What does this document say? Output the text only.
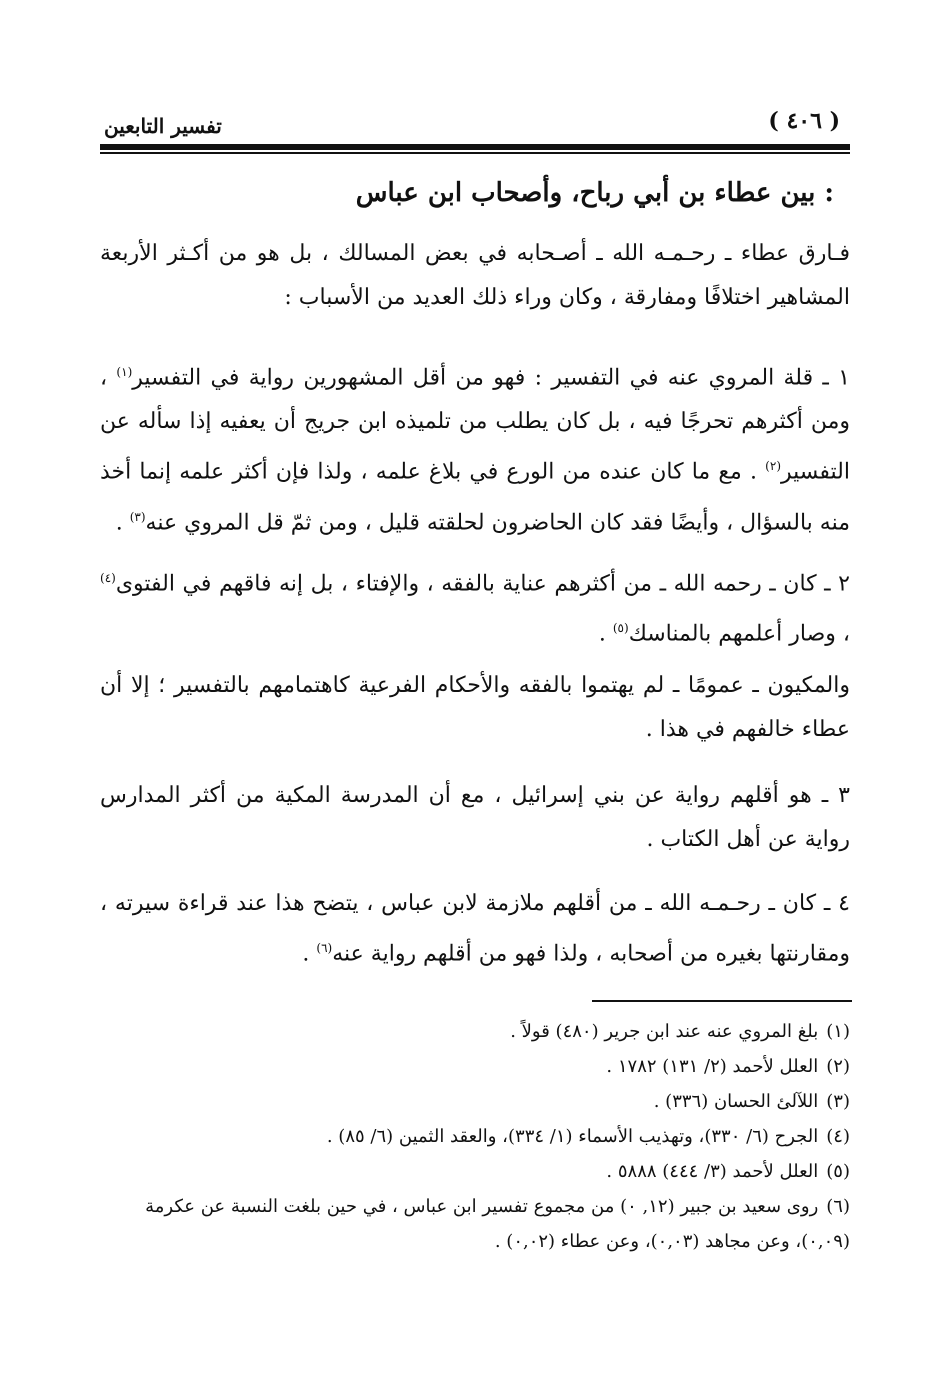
( ٤٠٦ )
تفسير التابعين
بين عطاء بن أبي رباح، وأصحاب ابن عباس :
فـارق عطاء ـ رحـمـه الله ـ أصـحابه في بعض المسالك ، بل هو من أكـثر الأربعة المشاهير اختلافًا ومفارقة ، وكان وراء ذلك العديد من الأسباب :
١ ـ قلة المروي عنه في التفسير : فهو من أقل المشهورين رواية في التفسير$^{(١)}$ ، ومن أكثرهم تحرجًا فيه ، بل كان يطلب من تلميذه ابن جريج أن يعفيه إذا سأله عن التفسير$^{(٢)}$ . مع ما كان عنده من الورع في بلاغ علمه ، ولذا فإن أكثر علمه إنما أخذ منه بالسؤال ، وأيضًا فقد كان الحاضرون لحلقته قليل ، ومن ثمّ قل المروي عنه$^{(٣)}$ .
٢ ـ كان ـ رحمه الله ـ من أكثرهم عناية بالفقه ، والإفتاء ، بل إنه فاقهم في الفتوى$^{(٤)}$ ، وصار أعلمهم بالمناسك$^{(٥)}$ .
والمكيون ـ عمومًا ـ لم يهتموا بالفقه والأحكام الفرعية كاهتمامهم بالتفسير ؛ إلا أن عطاء خالفهم في هذا .
٣ ـ هو أقلهم رواية عن بني إسرائيل ، مع أن المدرسة المكية من أكثر المدارس رواية عن أهل الكتاب .
٤ ـ كان ـ رحـمـه الله ـ من أقلهم ملازمة لابن عباس ، يتضح هذا عند قراءة سيرته ، ومقارنتها بغيره من أصحابه ، ولذا فهو من أقلهم رواية عنه$^{(٦)}$ .
(١)بلغ المروي عنه عند ابن جرير (٤٨٠) قولاً .
(٢)العلل لأحمد (٢/ ١٣١) ١٧٨٢ .
(٣)اللآلئ الحسان (٣٣٦) .
(٤)الجرح (٦/ ٣٣٠)، وتهذيب الأسماء (١/ ٣٣٤)، والعقد الثمين (٦/ ٨٥) .
(٥)العلل لأحمد (٣/ ٤٤٤) ٥٨٨٨ .
(٦)روى سعيد بن جبير (١٢, ٠) من مجموع تفسير ابن عباس ، في حين بلغت النسبة عن عكرمة (٠,٠٩)، وعن مجاهد (٠,٠٣)، وعن عطاء (٠,٠٢) .
